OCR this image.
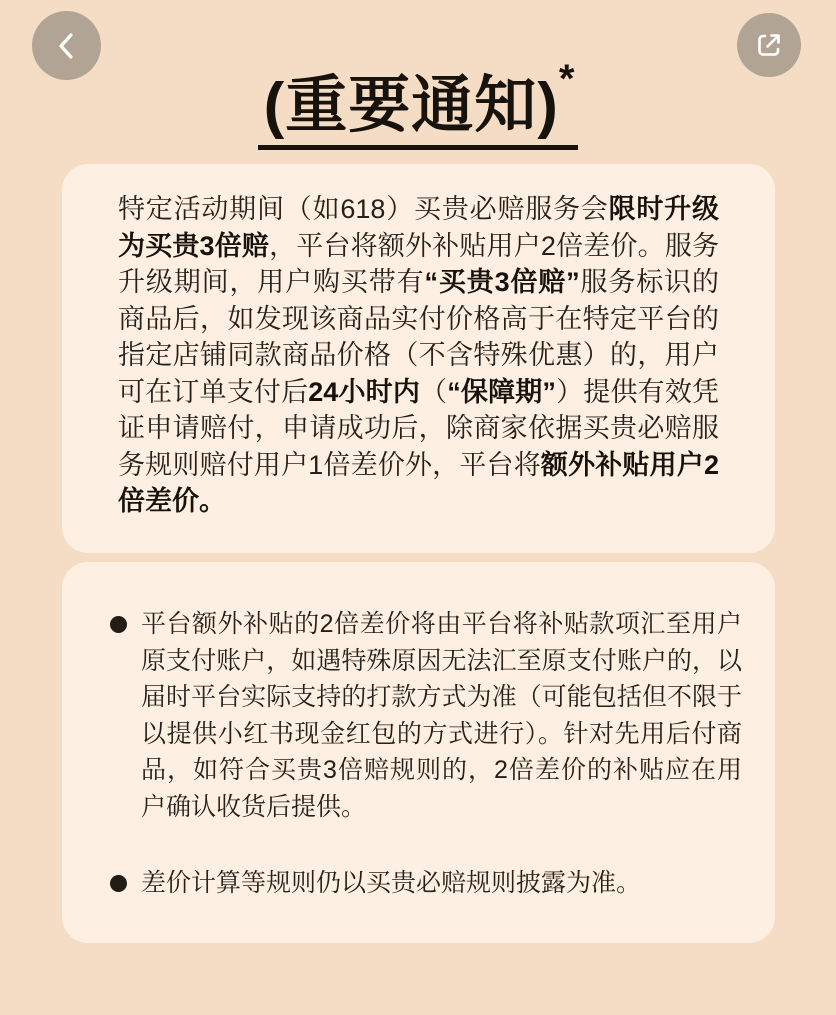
(重要通知)*

特定活动期间（如618）买贵必赔服务会限时升级为买贵3倍赔，平台将额外补贴用户2倍差价。服务升级期间，用户购买带有“买贵3倍赔”服务标识的商品后，如发现该商品实付价格高于在特定平台的指定店铺同款商品价格（不含特殊优惠）的，用户可在订单支付后24小时内（“保障期”）提供有效凭证申请赔付，申请成功后，除商家依据买贵必赔服务规则赔付用户1倍差价外，平台将额外补贴用户2倍差价。

平台额外补贴的2倍差价将由平台将补贴款项汇至用户原支付账户，如遇特殊原因无法汇至原支付账户的，以届时平台实际支持的打款方式为准（可能包括但不限于以提供小红书现金红包的方式进行）。针对先用后付商品，如符合买贵3倍赔规则的，2倍差价的补贴应在用户确认收货后提供。

差价计算等规则仍以买贵必赔规则披露为准。
